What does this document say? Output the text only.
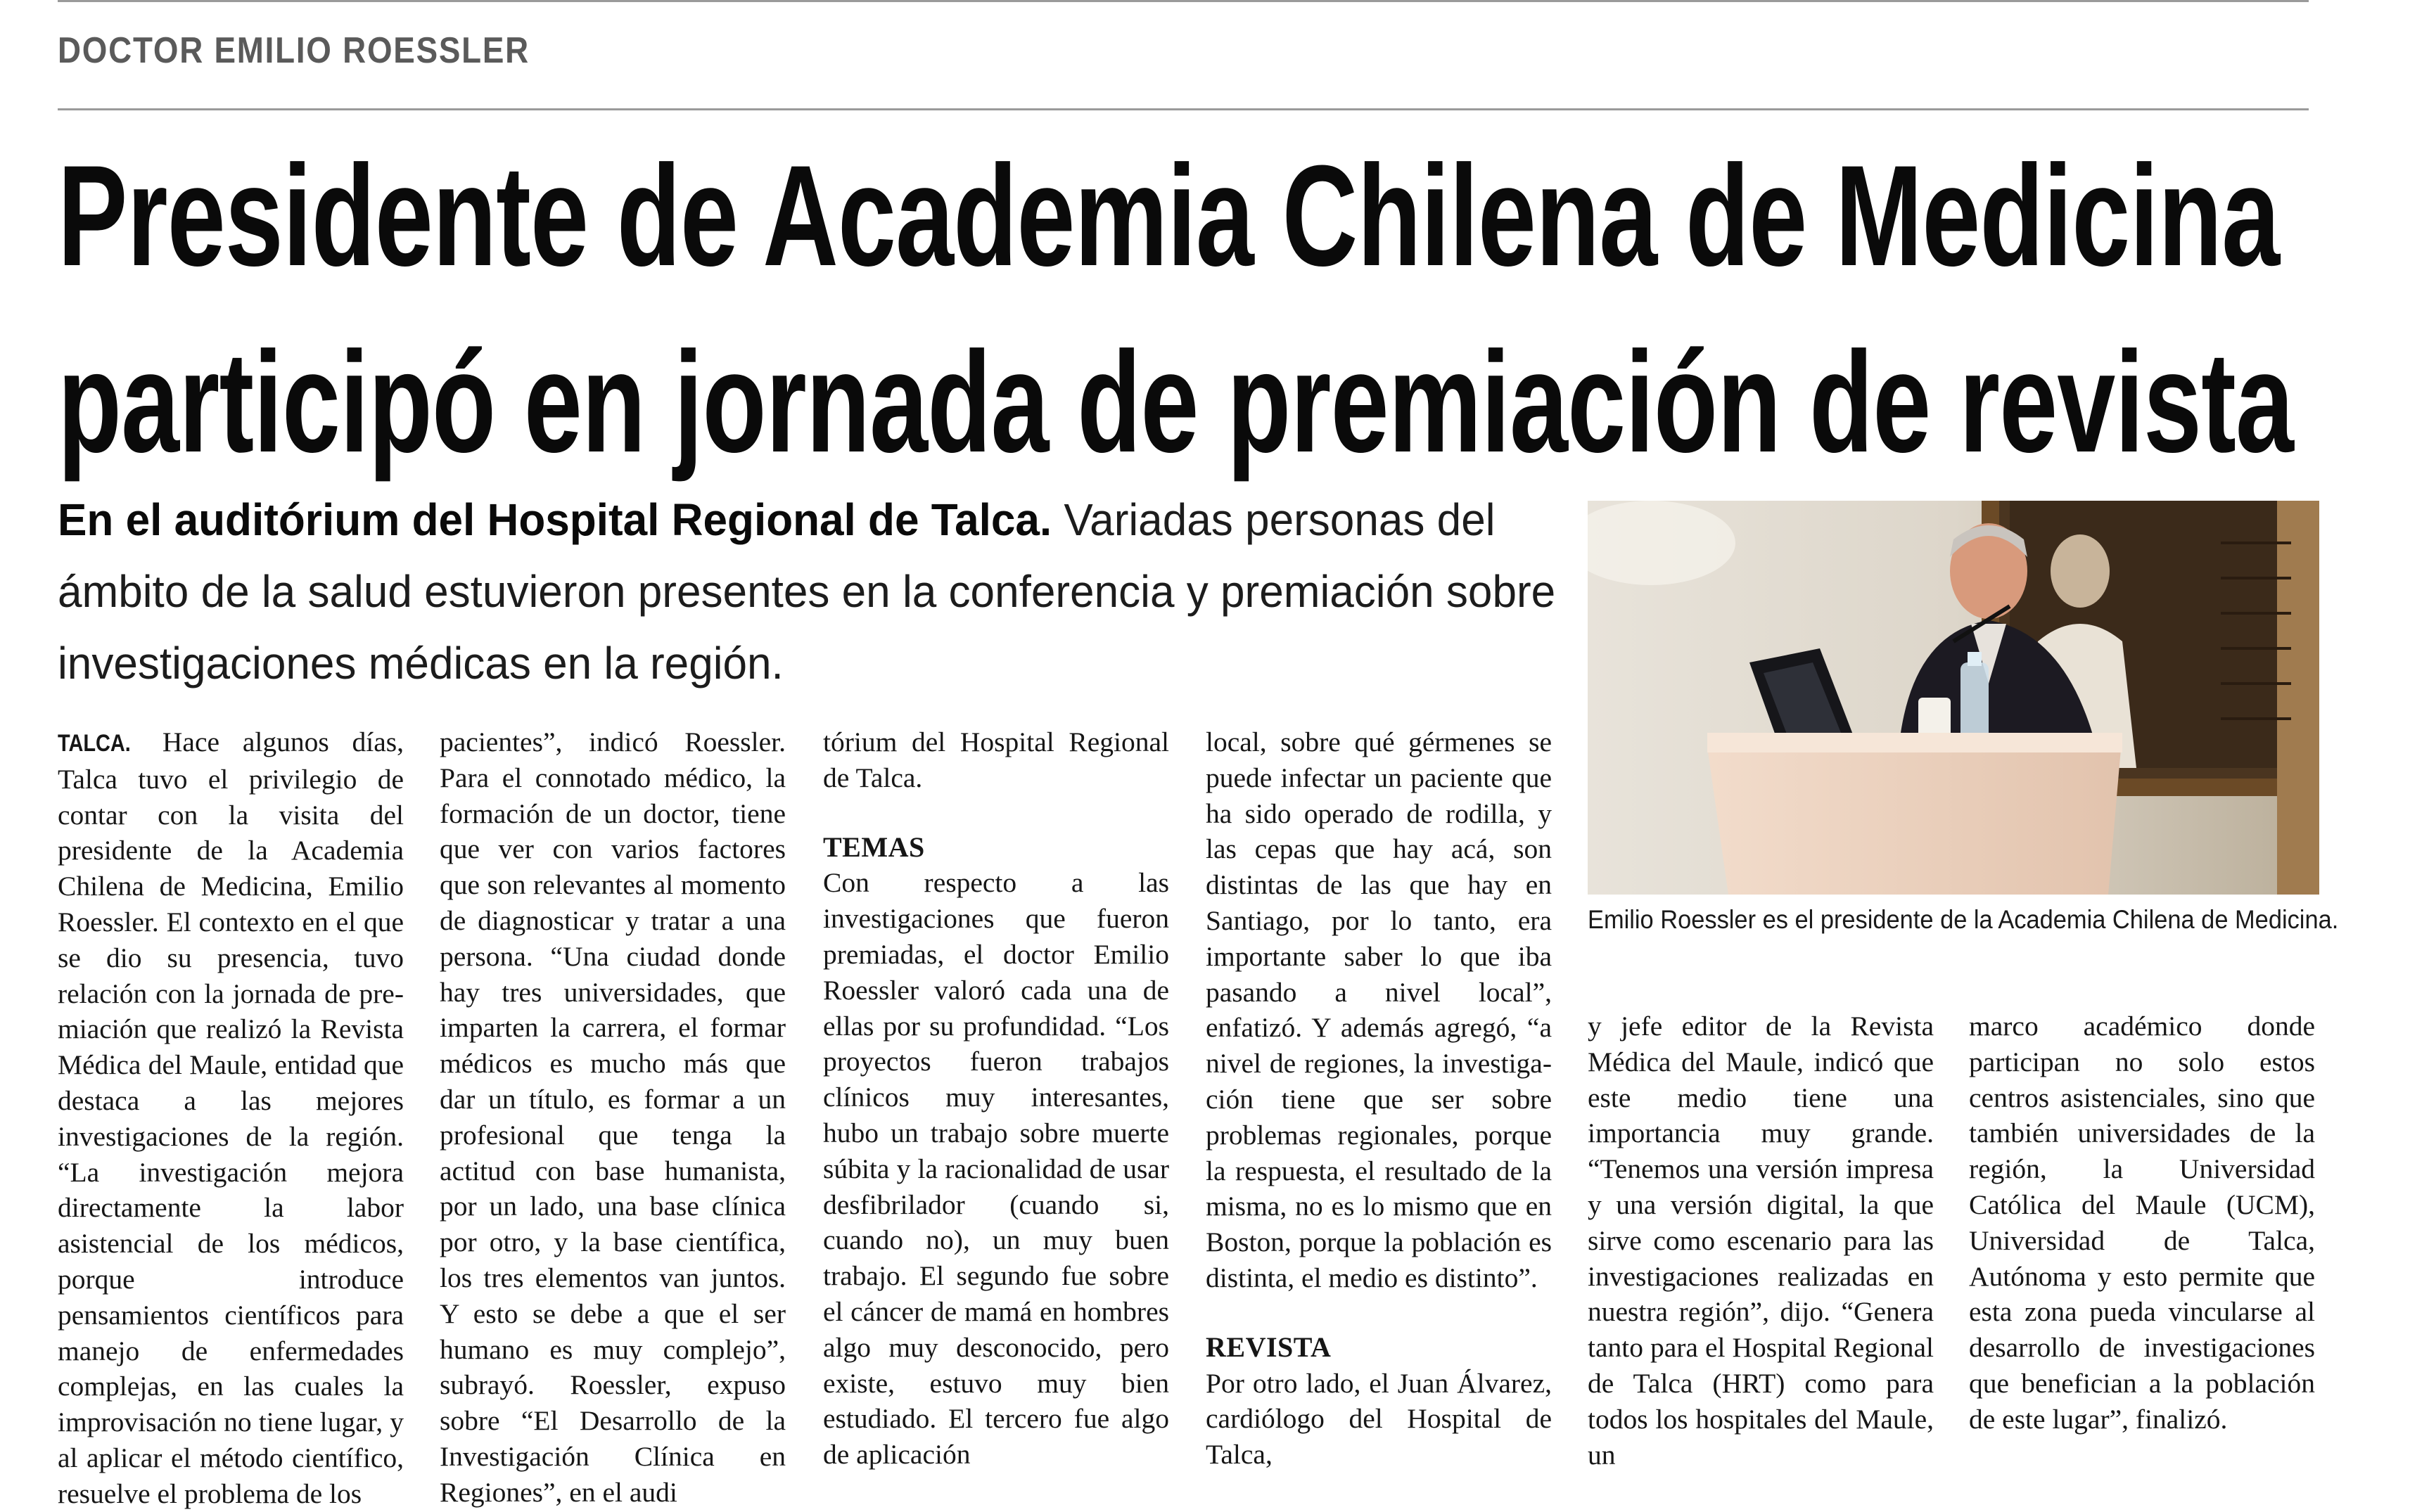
DOCTOR EMILIO ROESSLER
Presidente de Academia Chilena de Medicina
participó en jornada de premiación de revista
En el auditórium del Hospital Regional de Talca. Variadas personas del ámbito de la salud estuvieron presentes en la conferencia y premiación sobre investigaciones médicas en la región.

TALCA. Hace algunos días, Talca tuvo el privilegio de contar con la visita del presidente de la Academia Chilena de Medicina, Emilio Roessler. El contexto en el que se dio su presencia, tuvo relación con la jornada de premiación que realizó la Revista Médica del Maule, entidad que destaca a las mejores investigaciones de la región. “La investigación mejora directamente la labor asistencial de los médicos, porque introduce pensamientos científicos para manejo de enfermedades complejas, en las cuales la improvisación no tiene lugar, y al aplicar el método científico, resuelve el problema de los

pacientes”, indicó Roessler. Para el connotado médico, la formación de un doctor, tiene que ver con varios factores que son relevantes al momento de diagnosticar y tratar a una persona. “Una ciudad donde hay tres universidades, que imparten la carrera, el formar médicos es mucho más que dar un título, es formar a un profesional que tenga la actitud con base humanista, por un lado, una base clínica por otro, y la base científica, los tres elementos van juntos. Y esto se debe a que el ser humano es muy complejo”, subrayó. Roessler, expuso sobre “El Desarrollo de la Investigación Clínica en Regiones”, en el audi

tórium del Hospital Regional de Talca.

TEMAS

Con respecto a las investigaciones que fueron premiadas, el doctor Emilio Roessler valoró cada una de ellas por su profundidad. “Los proyectos fueron trabajos clínicos muy interesantes, hubo un trabajo sobre muerte súbita y la racionalidad de usar desfibrilador (cuando si, cuando no), un muy buen trabajo. El segundo fue sobre el cáncer de mamá en hombres algo muy desconocido, pero existe, estuvo muy bien estudiado. El tercero fue algo de aplicación

local, sobre qué gérmenes se puede infectar un paciente que ha sido operado de rodilla, y las cepas que hay acá, son distintas de las que hay en Santiago, por lo tanto, era importante saber lo que iba pasando a nivel local”, enfatizó. Y además agregó, “a nivel de regiones, la investigación tiene que ser sobre problemas regionales, porque la respuesta, el resultado de la misma, no es lo mismo que en Boston, porque la población es distinta, el medio es distinto”.

REVISTA

Por otro lado, el Juan Álvarez, cardiólogo del Hospital de Talca,

Emilio Roessler es el presidente de la Academia Chilena de Medicina.

y jefe editor de la Revista Médica del Maule, indicó que este medio tiene una importancia muy grande. “Tenemos una versión impresa y una versión digital, la que sirve como escenario para las investigaciones realizadas en nuestra región”, dijo. “Genera tanto para el Hospital Regional de Talca (HRT) como para todos los hospitales del Maule, un

marco académico donde participan no solo estos centros asistenciales, sino que también universidades de la región, la Universidad Católica del Maule (UCM), Universidad de Talca, Autónoma y esto permite que esta zona pueda vincularse al desarrollo de investigaciones que benefician a la población de este lugar”, finalizó.
